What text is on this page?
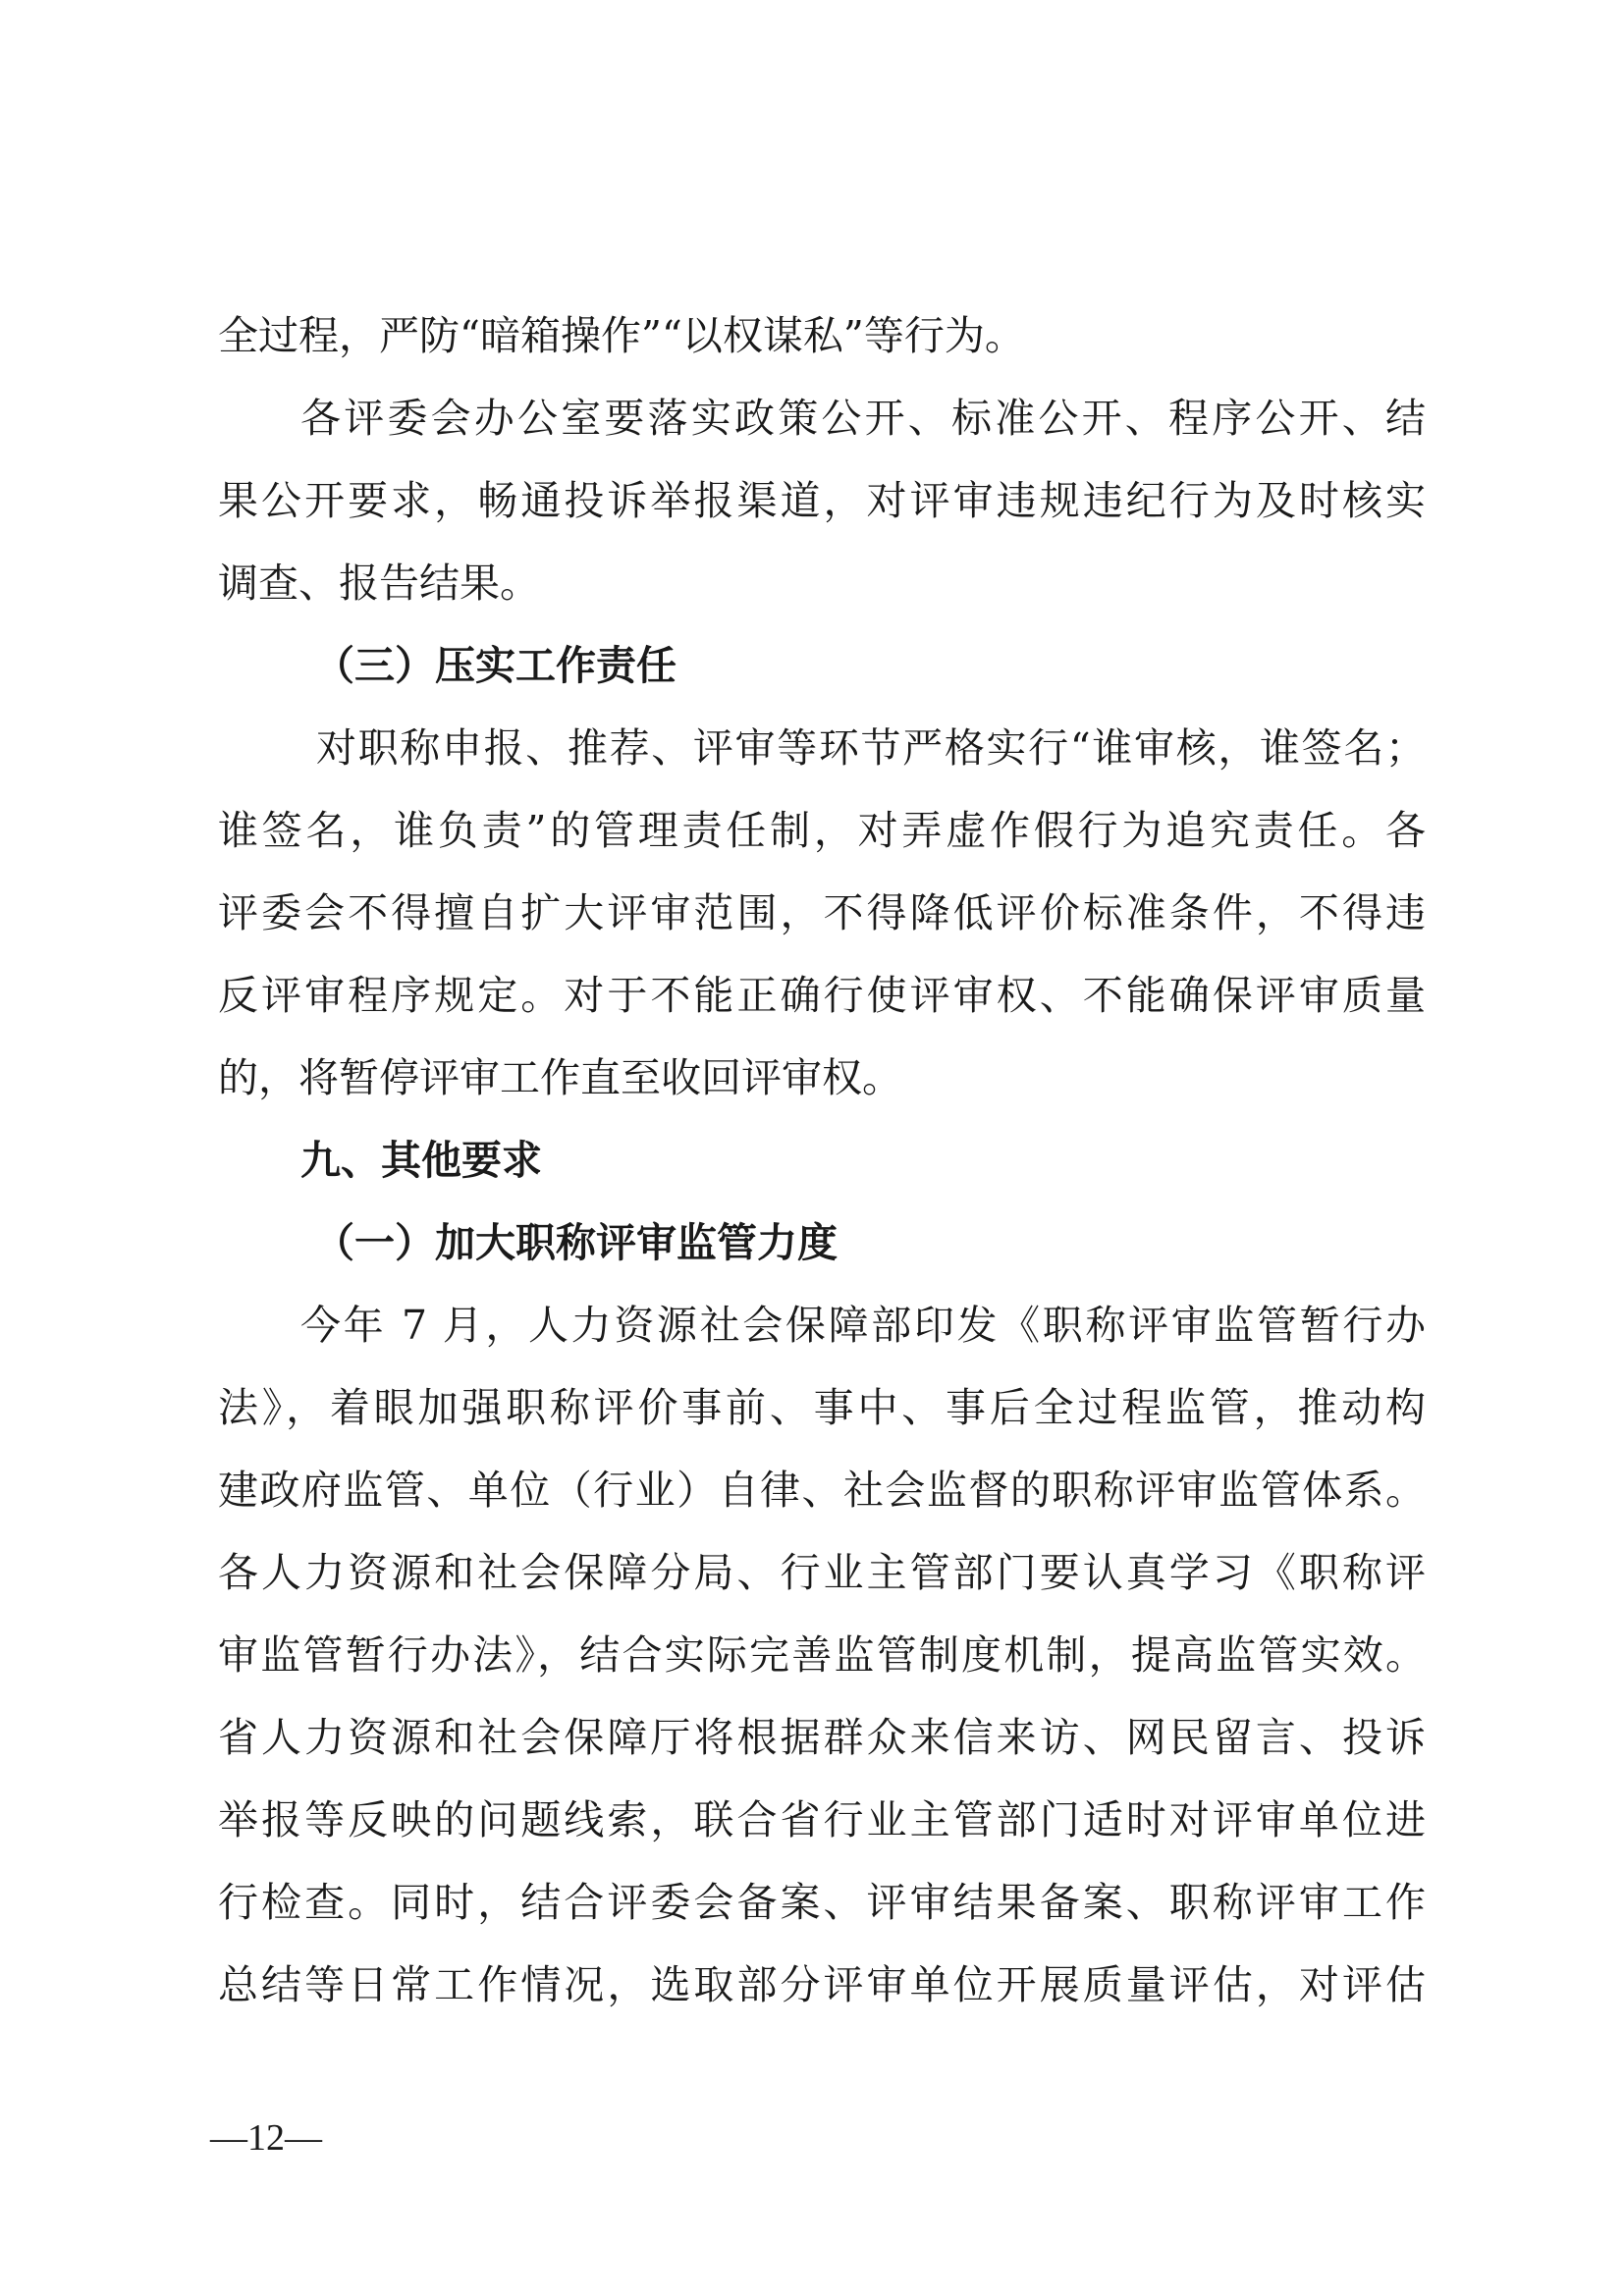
全过程，严防“暗箱操作”“以权谋私”等行为。
各评委会办公室要落实政策公开、标准公开、程序公开、结
果公开要求，畅通投诉举报渠道，对评审违规违纪行为及时核实
调查、报告结果。
（三）压实工作责任
对职称申报、推荐、评审等环节严格实行“谁审核，谁签名；
谁签名，谁负责”的管理责任制，对弄虚作假行为追究责任。各
评委会不得擅自扩大评审范围，不得降低评价标准条件，不得违
反评审程序规定。对于不能正确行使评审权、不能确保评审质量
的，将暂停评审工作直至收回评审权。
九、其他要求
（一）加大职称评审监管力度
今年 7 月，人力资源社会保障部印发《职称评审监管暂行办
法》，着眼加强职称评价事前、事中、事后全过程监管，推动构
建政府监管、单位（行业）自律、社会监督的职称评审监管体系。
各人力资源和社会保障分局、行业主管部门要认真学习《职称评
审监管暂行办法》，结合实际完善监管制度机制，提高监管实效。
省人力资源和社会保障厅将根据群众来信来访、网民留言、投诉
举报等反映的问题线索，联合省行业主管部门适时对评审单位进
行检查。同时，结合评委会备案、评审结果备案、职称评审工作
总结等日常工作情况，选取部分评审单位开展质量评估，对评估
—12—
